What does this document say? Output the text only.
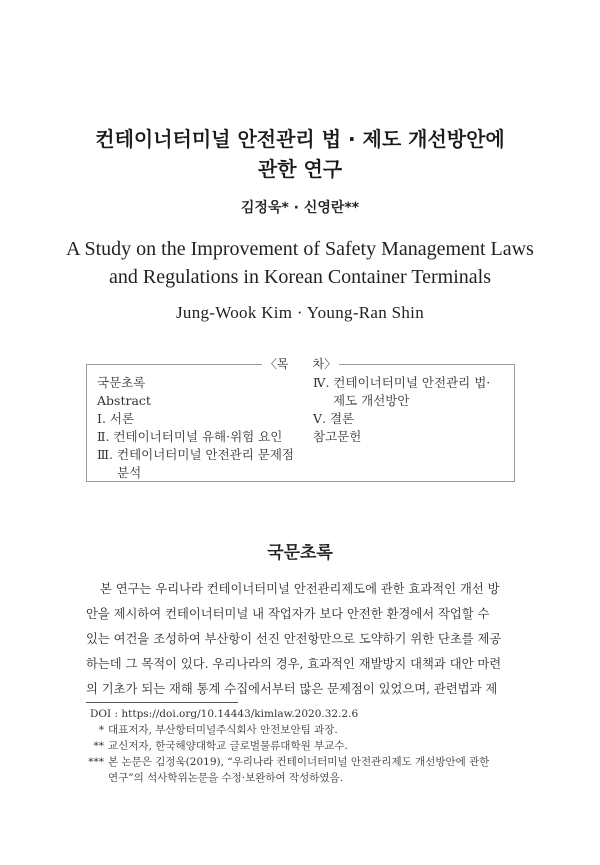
컨테이너터미널 안전관리 법 · 제도 개선방안에
관한 연구
김정욱* · 신영란**
A Study on the Improvement of Safety Management Laws
and Regulations in Korean Container Terminals
Jung-Wook Kim · Young-Ran Shin
〈목　　차〉
국문초록
Abstract
Ⅰ. 서론
Ⅱ. 컨테이너터미널 유해·위험 요인
Ⅲ. 컨테이너터미널 안전관리 문제점
분석
Ⅳ. 컨테이너터미널 안전관리 법·
제도 개선방안
Ⅴ. 결론
참고문헌
국문초록
본 연구는 우리나라 컨테이너터미널 안전관리제도에 관한 효과적인 개선 방
안을 제시하여 컨테이너터미널 내 작업자가 보다 안전한 환경에서 작업할 수
있는 여건을 조성하여 부산항이 선진 안전항만으로 도약하기 위한 단초를 제공
하는데 그 목적이 있다. 우리나라의 경우, 효과적인 재발방지 대책과 대안 마련
의 기초가 되는 재해 통계 수집에서부터 많은 문제점이 있었으며, 관련법과 제
DOI : https://doi.org/10.14443/kimlaw.2020.32.2.6
* 대표저자, 부산항터미널주식회사 안전보안팀 과장.
** 교신저자, 한국해양대학교 글로벌물류대학원 부교수.
*** 본 논문은 김정욱(2019), “우리나라 컨테이너터미널 안전관리제도 개선방안에 관한
연구”의 석사학위논문을 수정·보완하여 작성하였음.
